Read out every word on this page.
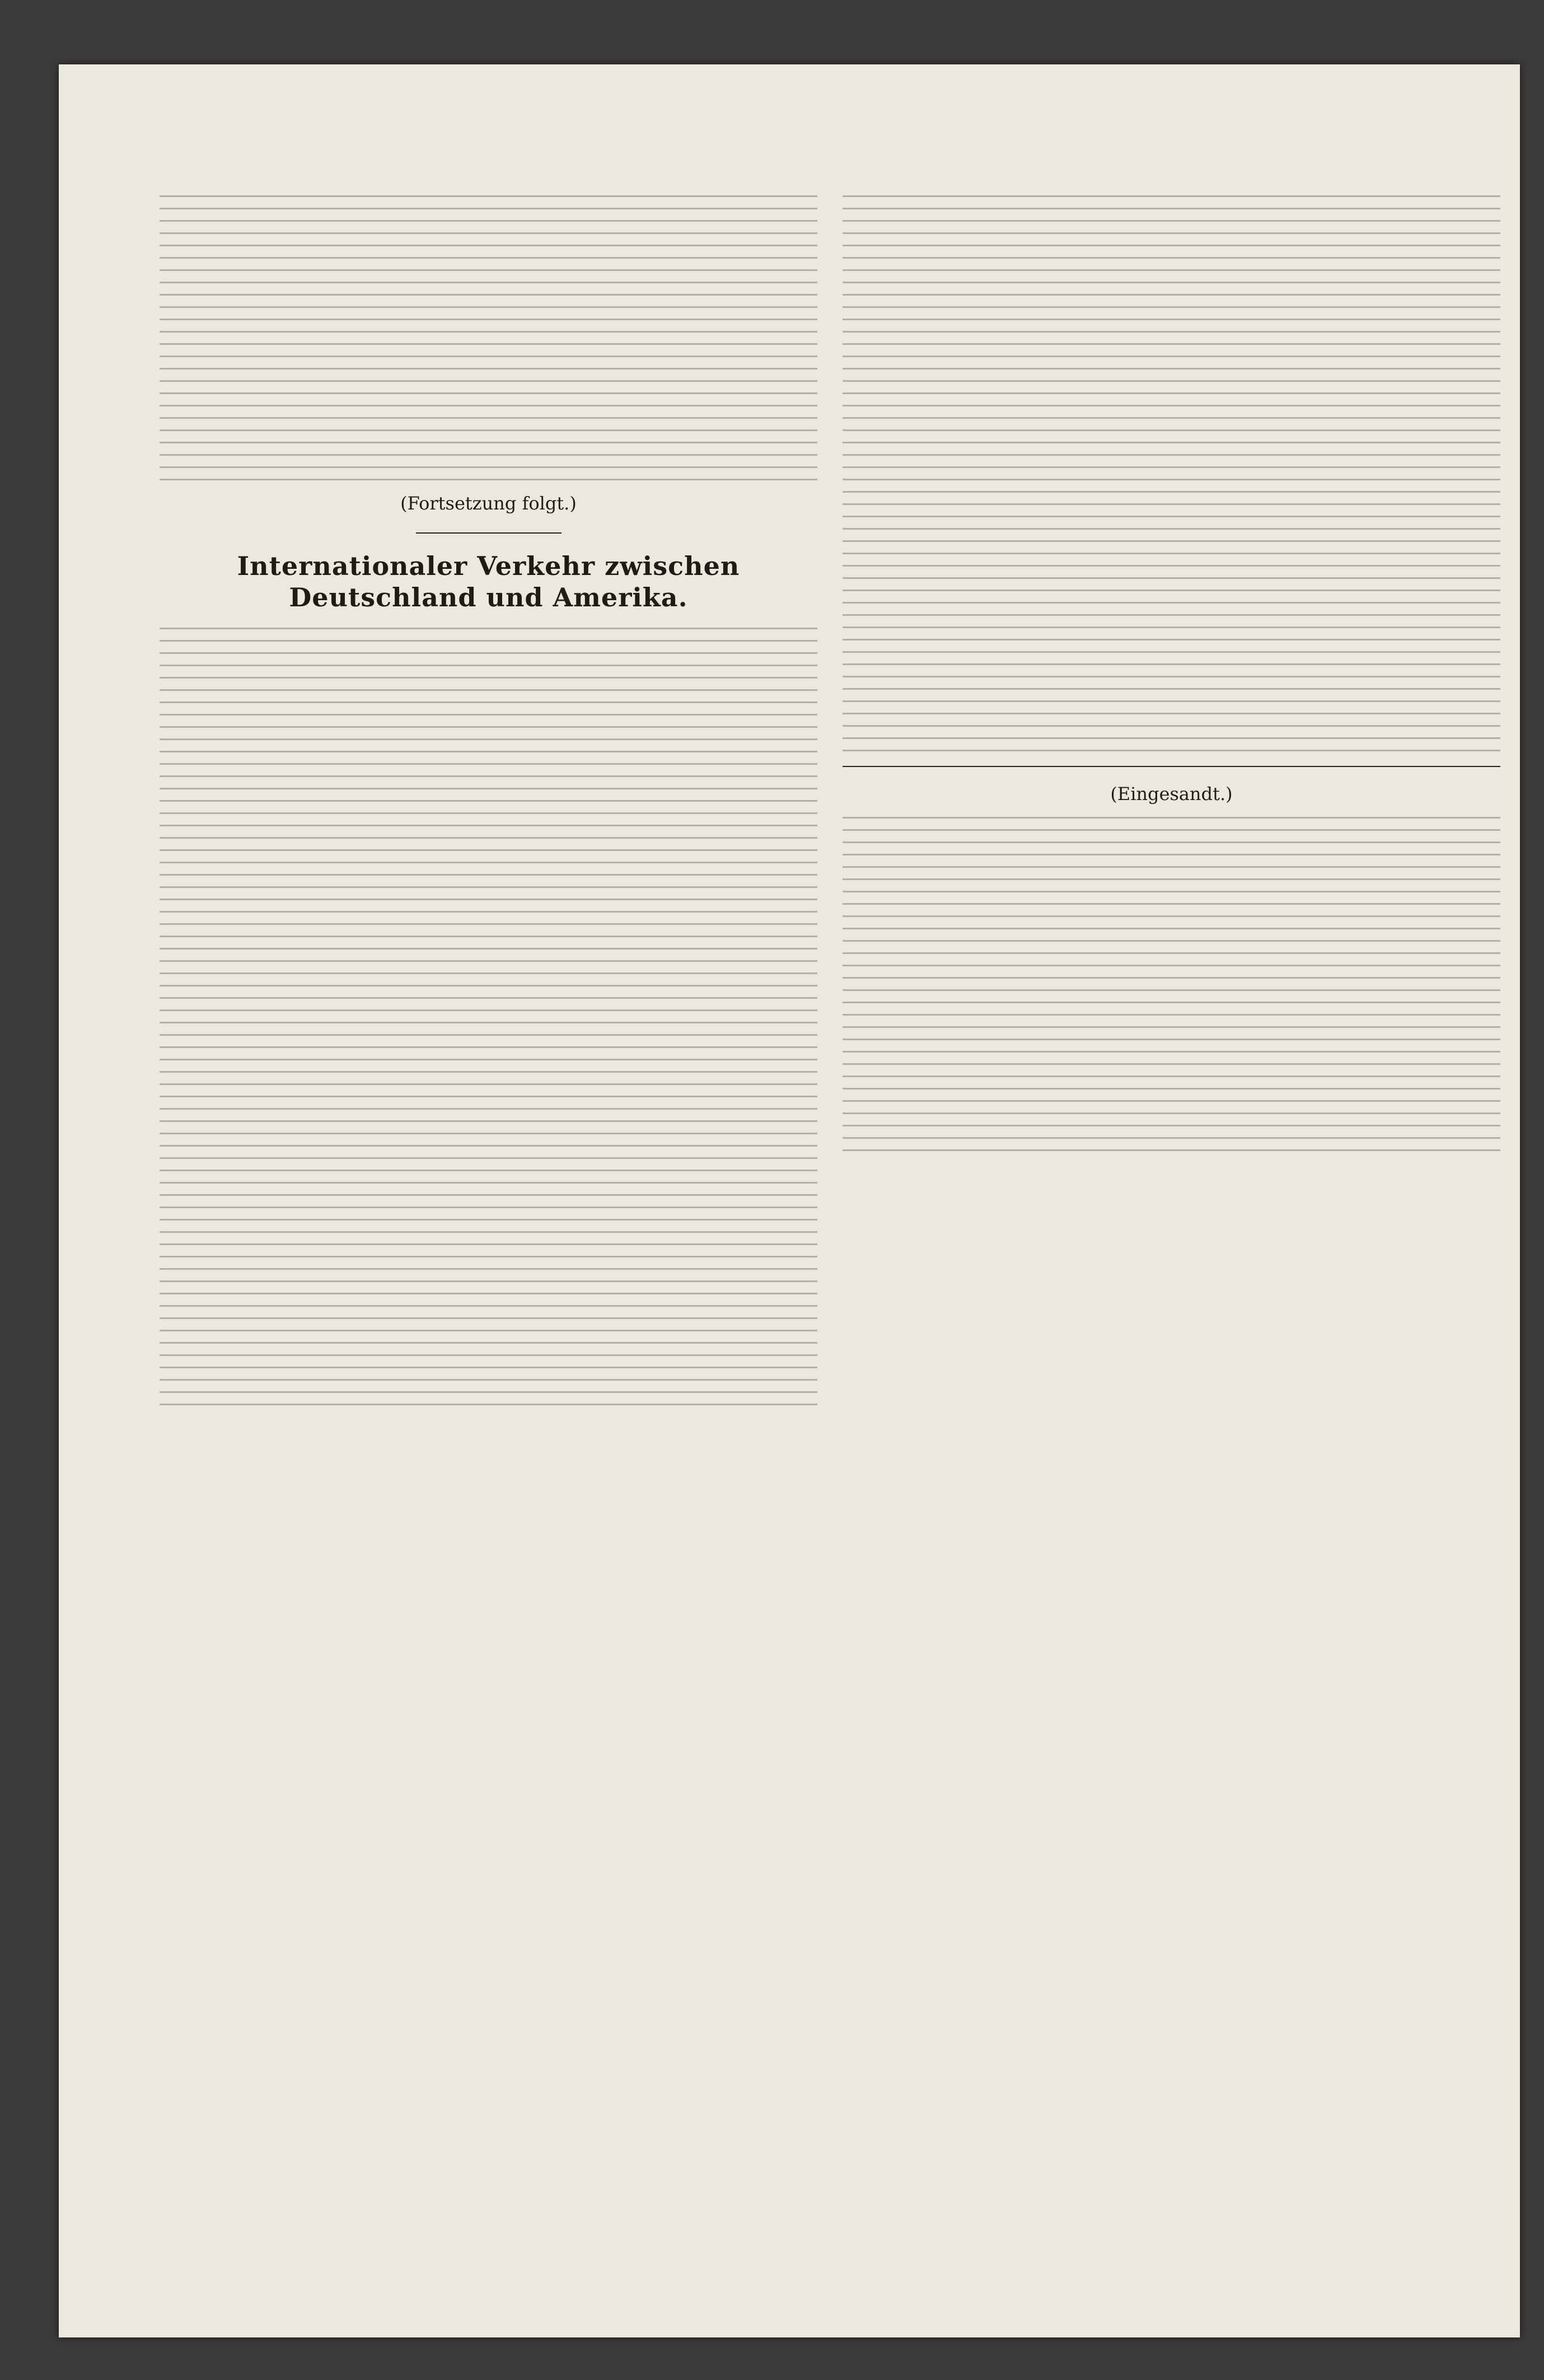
(Fortsetzung folgt.)
Internationaler Verkehr zwischen Deutschland und Amerika.
(Eingesandt.)
